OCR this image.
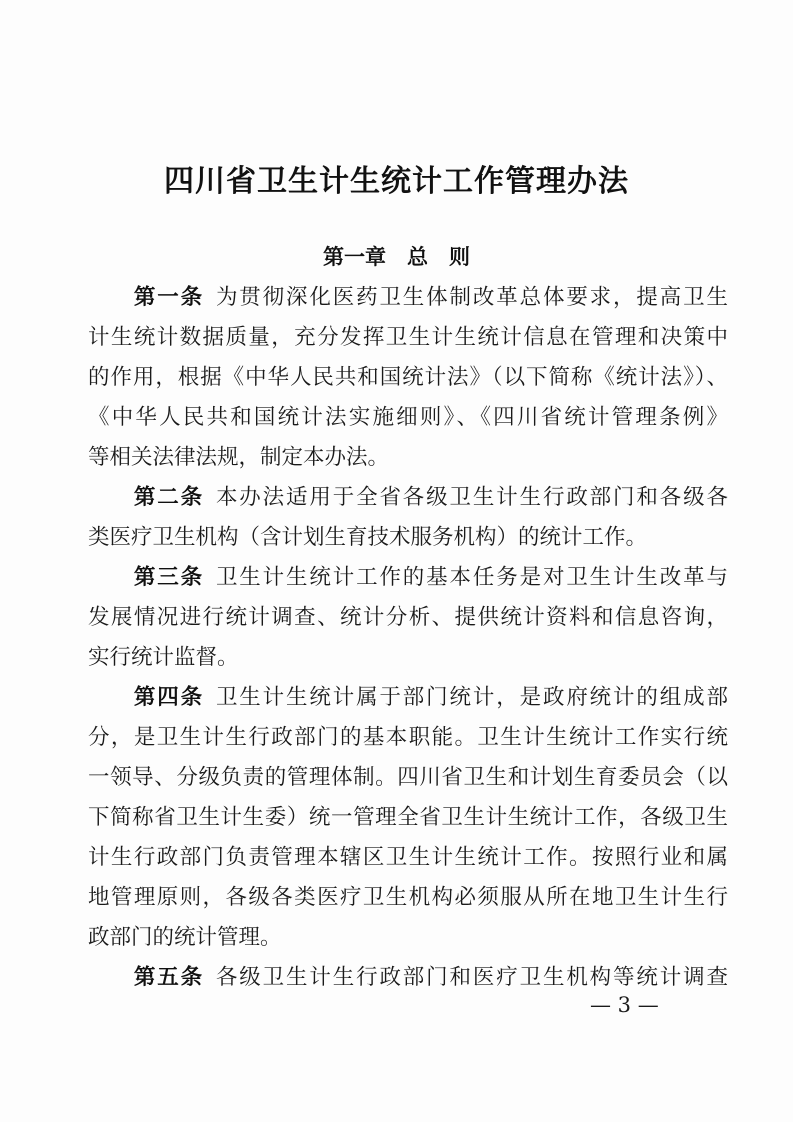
四川省卫生计生统计工作管理办法
第一章　总　则
第一条 为贯彻深化医药卫生体制改革总体要求，提高卫生
计生统计数据质量，充分发挥卫生计生统计信息在管理和决策中
的作用，根据《中华人民共和国统计法》（以下简称《统计法》）、
《中华人民共和国统计法实施细则》、《四川省统计管理条例》
等相关法律法规，制定本办法。
第二条 本办法适用于全省各级卫生计生行政部门和各级各
类医疗卫生机构（含计划生育技术服务机构）的统计工作。
第三条 卫生计生统计工作的基本任务是对卫生计生改革与
发展情况进行统计调查、统计分析、提供统计资料和信息咨询，
实行统计监督。
第四条 卫生计生统计属于部门统计，是政府统计的组成部
分，是卫生计生行政部门的基本职能。卫生计生统计工作实行统
一领导、分级负责的管理体制。四川省卫生和计划生育委员会（以
下简称省卫生计生委）统一管理全省卫生计生统计工作，各级卫生
计生行政部门负责管理本辖区卫生计生统计工作。按照行业和属
地管理原则，各级各类医疗卫生机构必须服从所在地卫生计生行
政部门的统计管理。
第五条 各级卫生计生行政部门和医疗卫生机构等统计调查
— 3 —
